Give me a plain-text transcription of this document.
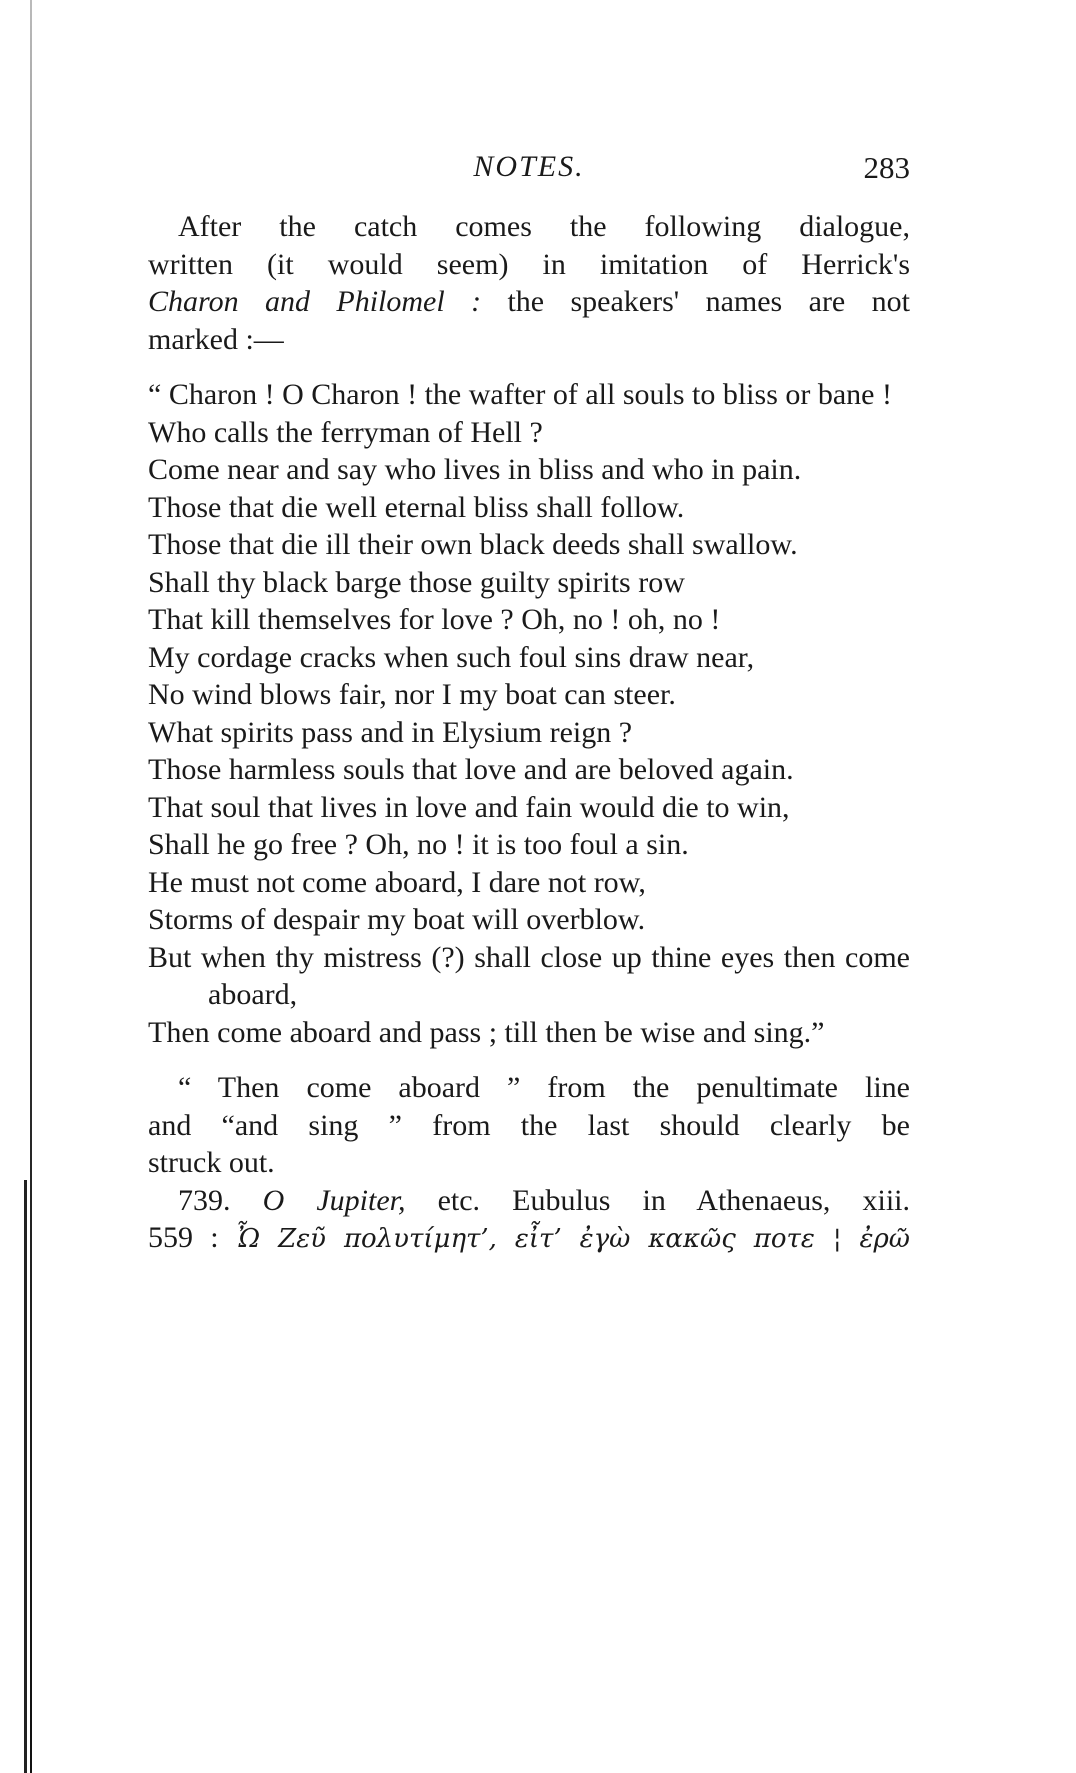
NOTES.	283
After the catch comes the following dialogue,
written (it would seem) in imitation of Herrick's
Charon and Philomel : the speakers' names are not
marked :—
“ Charon ! O Charon ! the wafter of all souls to bliss or bane !
Who calls the ferryman of Hell ?
Come near and say who lives in bliss and who in pain.
Those that die well eternal bliss shall follow.
Those that die ill their own black deeds shall swallow.
Shall thy black barge those guilty spirits row
That kill themselves for love ? Oh, no ! oh, no !
My cordage cracks when such foul sins draw near,
No wind blows fair, nor I my boat can steer.
What spirits pass and in Elysium reign ?
Those harmless souls that love and are beloved again.
That soul that lives in love and fain would die to win,
Shall he go free ? Oh, no ! it is too foul a sin.
He must not come aboard, I dare not row,
Storms of despair my boat will overblow.
But when thy mistress (?) shall close up thine eyes then come aboard,
Then come aboard and pass ; till then be wise and sing.”
“ Then come aboard ” from the penultimate line
and “and sing ” from the last should clearly be
struck out.
739. O Jupiter, etc. Eubulus in Athenaeus, xiii.
559 : Ὦ Ζεῦ πολυτίμητ’, εἶτ’ ἐγὼ κακῶς ποτε ¦ ἐρῶ
